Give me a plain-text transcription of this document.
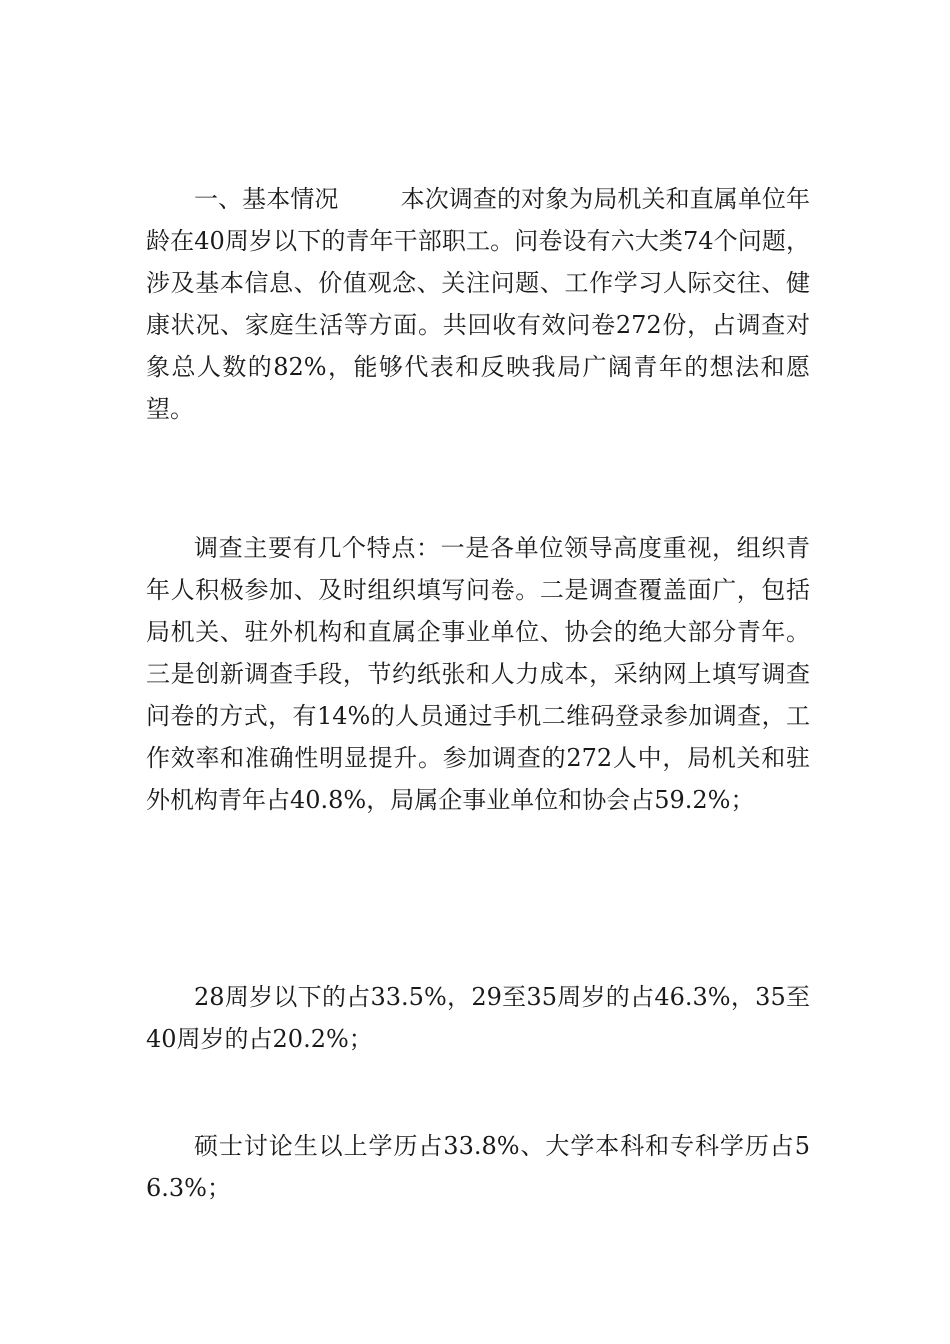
一、基本情况	本次调查的对象为局机关和直属单位年龄在40周岁以下的青年干部职工。问卷设有六大类74个问题，涉及基本信息、价值观念、关注问题、工作学习人际交往、健康状况、家庭生活等方面。共回收有效问卷272份，占调查对象总人数的82%，能够代表和反映我局广阔青年的想法和愿望。

调查主要有几个特点：一是各单位领导高度重视，组织青年人积极参加、及时组织填写问卷。二是调查覆盖面广，包括局机关、驻外机构和直属企事业单位、协会的绝大部分青年。三是创新调查手段，节约纸张和人力成本，采纳网上填写调查问卷的方式，有14%的人员通过手机二维码登录参加调查，工作效率和准确性明显提升。参加调查的272人中，局机关和驻外机构青年占40.8%，局属企事业单位和协会占59.2%；

28周岁以下的占33.5%，29至35周岁的占46.3%，35至40周岁的占20.2%；

硕士讨论生以上学历占33.8%、大学本科和专科学历占56.3%；
